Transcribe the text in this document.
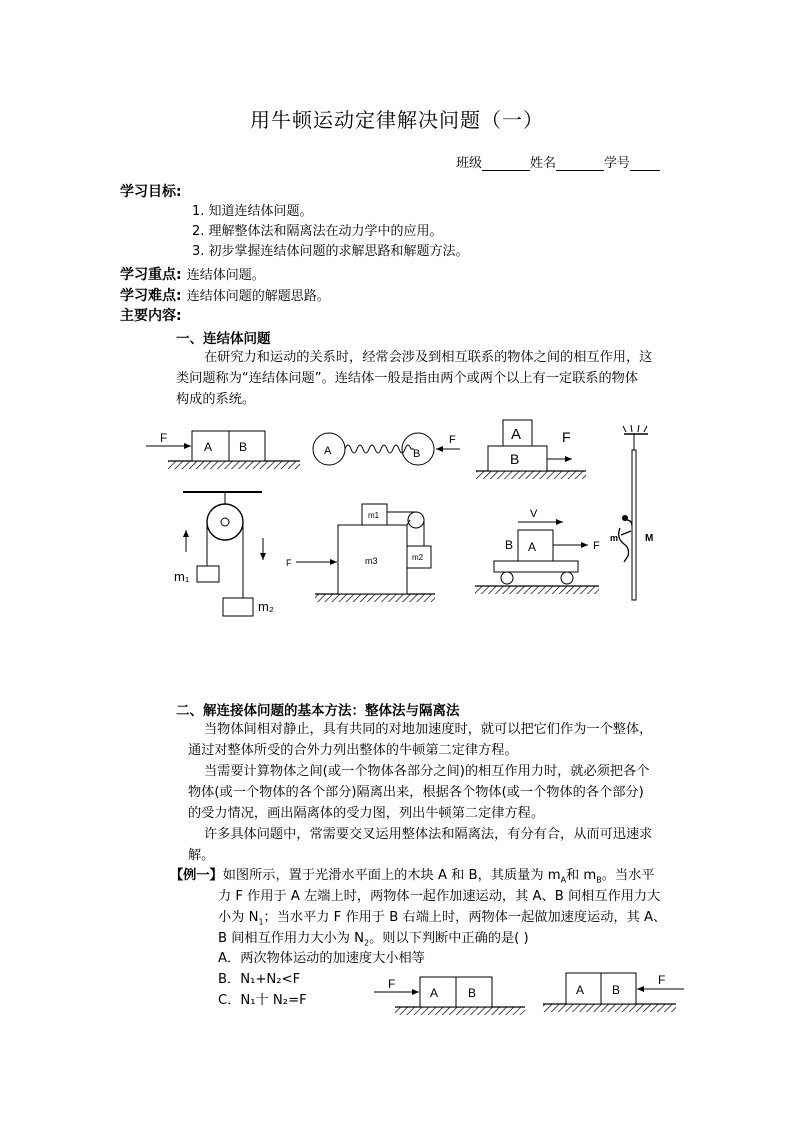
用牛顿运动定律解决问题（一）
班级	姓名	学号
学习目标:
1. 知道连结体问题。
2. 理解整体法和隔离法在动力学中的应用。
3. 初步掌握连结体问题的求解思路和解题方法。
学习重点: 连结体问题。
学习难点: 连结体问题的解题思路。
主要内容:
一、连结体问题
在研究力和运动的关系时，经常会涉及到相互联系的物体之间的相互作用，这
类问题称为“连结体问题”。连结体一般是指由两个或两个以上有一定联系的物体
构成的系统。
F
A B	F
A	B
A
B
F
m	M
m₁
m₂
F
m1
m3	m2
A
B	F
V
二、解连接体问题的基本方法：整体法与隔离法
当物体间相对静止，具有共同的对地加速度时，就可以把它们作为一个整体，
通过对整体所受的合外力列出整体的牛顿第二定律方程。
当需要计算物体之间(或一个物体各部分之间)的相互作用力时，就必须把各个
物体(或一个物体的各个部分)隔离出来，根据各个物体(或一个物体的各个部分)
的受力情况，画出隔离体的受力图，列出牛顿第二定律方程。
许多具体问题中，常需要交叉运用整体法和隔离法，有分有合，从而可迅速求
解。
【例一】如图所示，置于光滑水平面上的木块 A 和 B，其质量为 $m_A$和 $m_B$。当水平
力 F 作用于 A 左端上时，两物体一起作加速运动，其 A、B 间相互作用力大
小为 $N_1$；当水平力 F 作用于 B 右端上时，两物体一起做加速度运动，其 A、
B 间相互作用力大小为 $N_2$。则以下判断中正确的是( )
A．两次物体运动的加速度大小相等
B．N₁+N₂<F
C．N₁十 N₂=F
F
A B
F
A B
